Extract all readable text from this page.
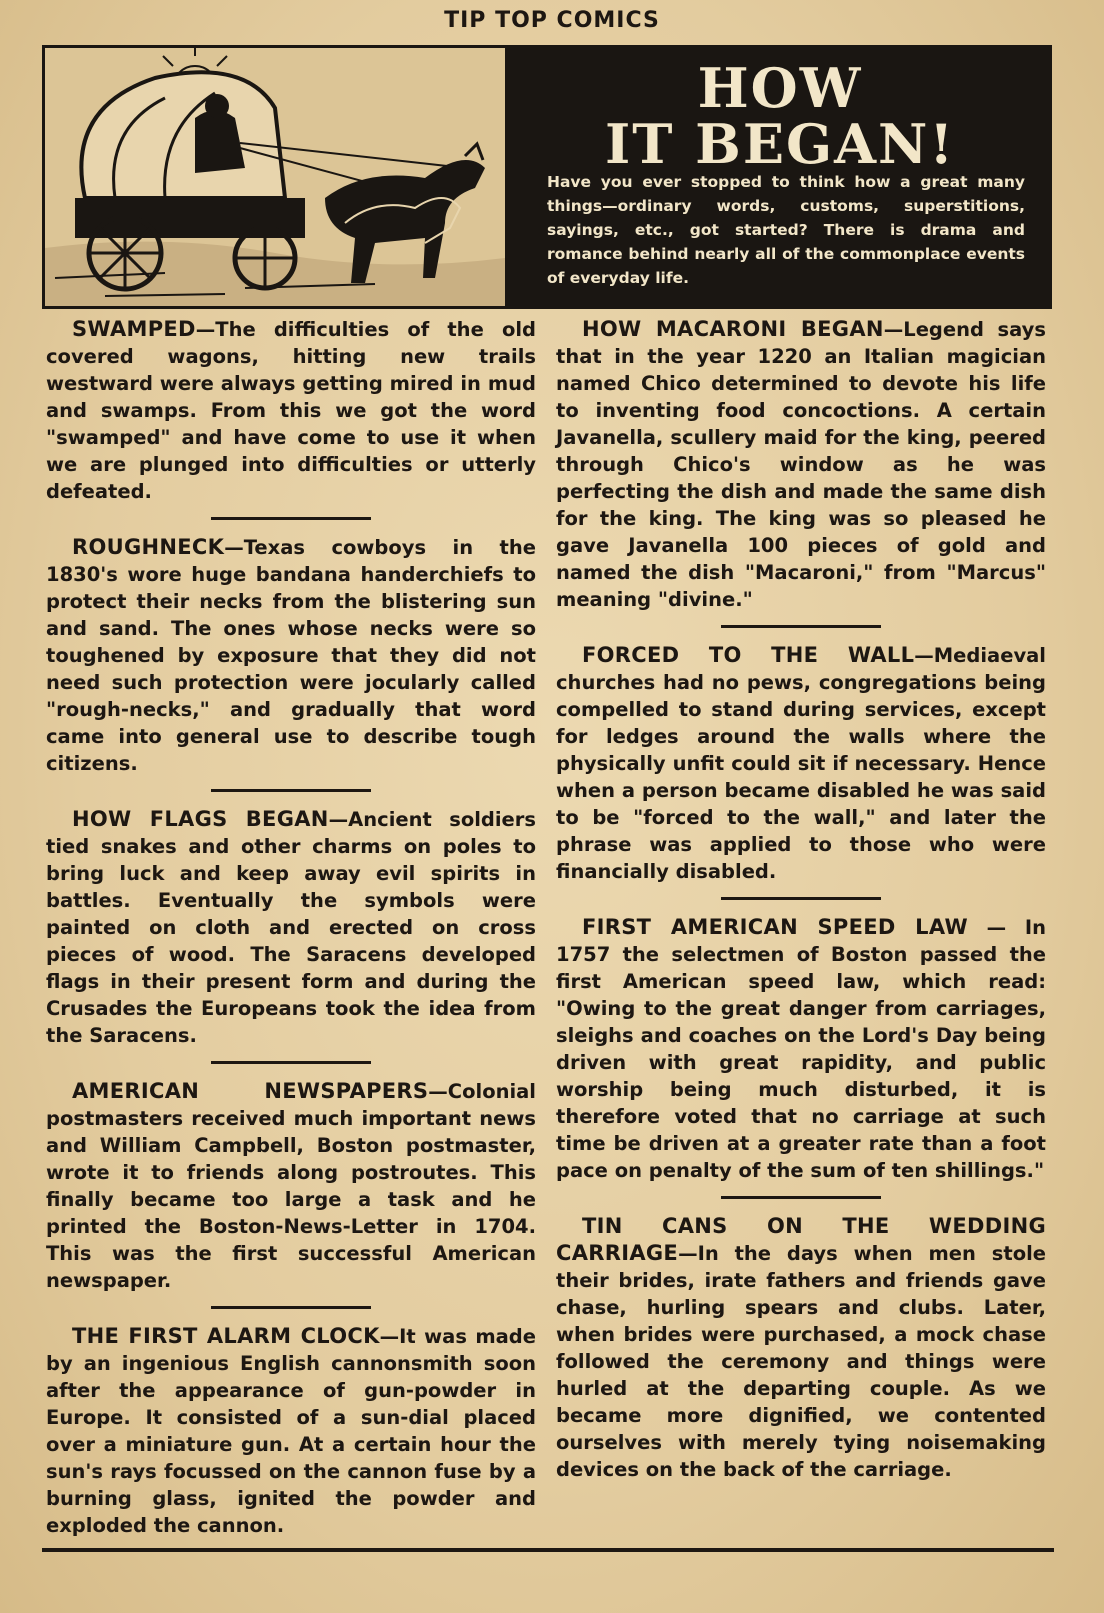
TIP TOP COMICS
HOW
IT BEGAN!
Have you ever stopped to think how a great many things—ordinary words, customs, superstitions, sayings, etc., got started? There is drama and romance behind nearly all of the commonplace events of everyday life.

SWAMPED—The difficulties of the old covered wagons, hitting new trails westward were always getting mired in mud and swamps. From this we got the word "swamped" and have come to use it when we are plunged into difficulties or utterly defeated.

ROUGHNECK—Texas cowboys in the 1830's wore huge bandana handerchiefs to protect their necks from the blistering sun and sand. The ones whose necks were so toughened by exposure that they did not need such protection were jocularly called "rough-necks," and gradually that word came into general use to describe tough citizens.

HOW FLAGS BEGAN—Ancient soldiers tied snakes and other charms on poles to bring luck and keep away evil spirits in battles. Eventually the symbols were painted on cloth and erected on cross pieces of wood. The Saracens developed flags in their present form and during the Crusades the Europeans took the idea from the Saracens.

AMERICAN NEWSPAPERS—Colonial postmasters received much important news and William Campbell, Boston postmaster, wrote it to friends along postroutes. This finally became too large a task and he printed the Boston-News-Letter in 1704. This was the first successful American newspaper.

THE FIRST ALARM CLOCK—It was made by an ingenious English cannonsmith soon after the appearance of gun-powder in Europe. It consisted of a sun-dial placed over a miniature gun. At a certain hour the sun's rays focussed on the cannon fuse by a burning glass, ignited the powder and exploded the cannon.

HOW MACARONI BEGAN—Legend says that in the year 1220 an Italian magician named Chico determined to devote his life to inventing food concoctions. A certain Javanella, scullery maid for the king, peered through Chico's window as he was perfecting the dish and made the same dish for the king. The king was so pleased he gave Javanella 100 pieces of gold and named the dish "Macaroni," from "Marcus" meaning "divine."

FORCED TO THE WALL—Mediaeval churches had no pews, congregations being compelled to stand during services, except for ledges around the walls where the physically unfit could sit if necessary. Hence when a person became disabled he was said to be "forced to the wall," and later the phrase was applied to those who were financially disabled.

FIRST AMERICAN SPEED LAW — In 1757 the selectmen of Boston passed the first American speed law, which read: "Owing to the great danger from carriages, sleighs and coaches on the Lord's Day being driven with great rapidity, and public worship being much disturbed, it is therefore voted that no carriage at such time be driven at a greater rate than a foot pace on penalty of the sum of ten shillings."

TIN CANS ON THE WEDDING CARRIAGE—In the days when men stole their brides, irate fathers and friends gave chase, hurling spears and clubs. Later, when brides were purchased, a mock chase followed the ceremony and things were hurled at the departing couple. As we became more dignified, we contented ourselves with merely tying noisemaking devices on the back of the carriage.
